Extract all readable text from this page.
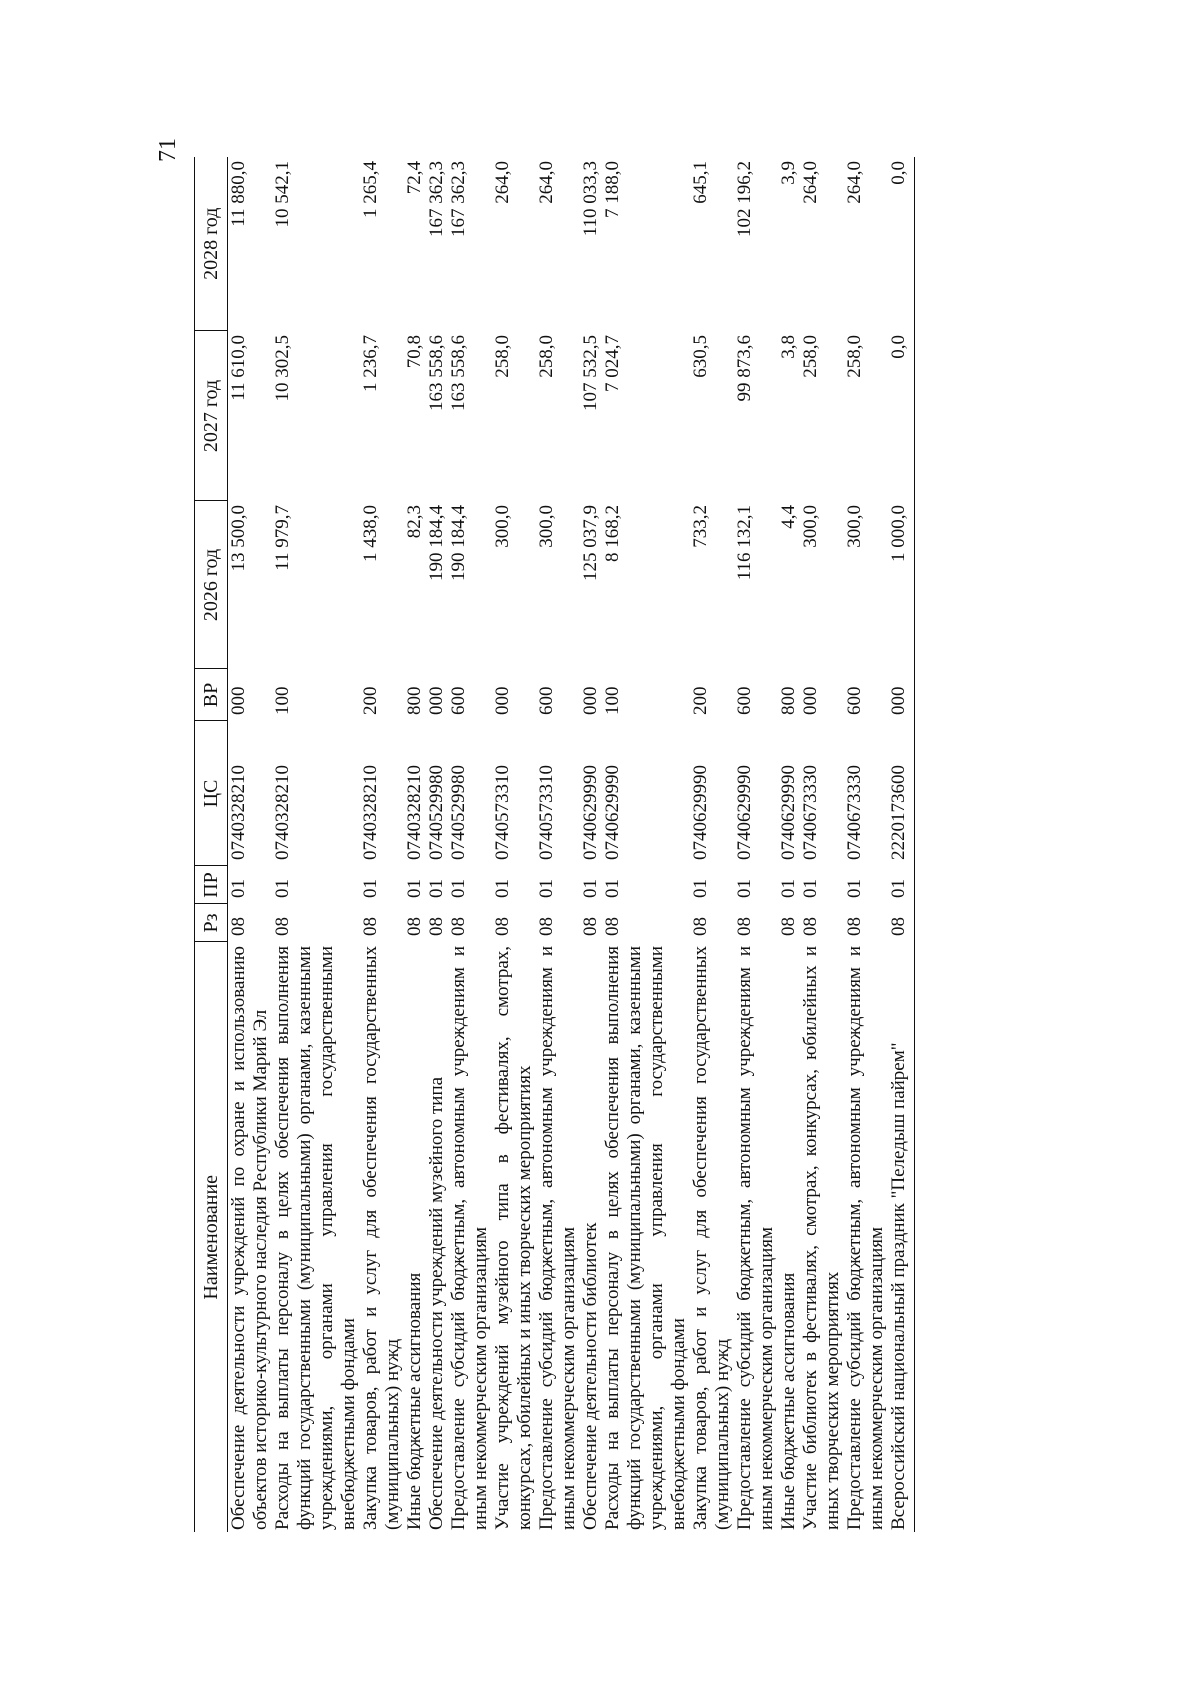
71
Наименование	Рз	ПР	ЦС	ВР	2026 год	2027 год	2028 год
Обеспечение деятельности учреждений по охране и использованию объектов историко-культурного наследия Республики Марий Эл	08	01	0740328210	000	13 500,0	11 610,0	11 880,0
Расходы на выплаты персоналу в целях обеспечения выполнения функций государственными (муниципальными) органами, казенными учреждениями, органами управления государственными внебюджетными фондами	08	01	0740328210	100	11 979,7	10 302,5	10 542,1
Закупка товаров, работ и услуг для обеспечения государственных (муниципальных) нужд	08	01	0740328210	200	1 438,0	1 236,7	1 265,4
Иные бюджетные ассигнования	08	01	0740328210	800	82,3	70,8	72,4
Обеспечение деятельности учреждений музейного типа	08	01	0740529980	000	190 184,4	163 558,6	167 362,3
Предоставление субсидий бюджетным, автономным учреждениям и иным некоммерческим организациям	08	01	0740529980	600	190 184,4	163 558,6	167 362,3
Участие учреждений музейного типа в фестивалях, смотрах, конкурсах, юбилейных и иных творческих мероприятиях	08	01	0740573310	000	300,0	258,0	264,0
Предоставление субсидий бюджетным, автономным учреждениям и иным некоммерческим организациям	08	01	0740573310	600	300,0	258,0	264,0
Обеспечение деятельности библиотек	08	01	0740629990	000	125 037,9	107 532,5	110 033,3
Расходы на выплаты персоналу в целях обеспечения выполнения функций государственными (муниципальными) органами, казенными учреждениями, органами управления государственными внебюджетными фондами	08	01	0740629990	100	8 168,2	7 024,7	7 188,0
Закупка товаров, работ и услуг для обеспечения государственных (муниципальных) нужд	08	01	0740629990	200	733,2	630,5	645,1
Предоставление субсидий бюджетным, автономным учреждениям и иным некоммерческим организациям	08	01	0740629990	600	116 132,1	99 873,6	102 196,2
Иные бюджетные ассигнования	08	01	0740629990	800	4,4	3,8	3,9
Участие библиотек в фестивалях, смотрах, конкурсах, юбилейных и иных творческих мероприятиях	08	01	0740673330	000	300,0	258,0	264,0
Предоставление субсидий бюджетным, автономным учреждениям и иным некоммерческим организациям	08	01	0740673330	600	300,0	258,0	264,0
Всероссийский национальный праздник "Пеледыш пайрем"	08	01	2220173600	000	1 000,0	0,0	0,0
